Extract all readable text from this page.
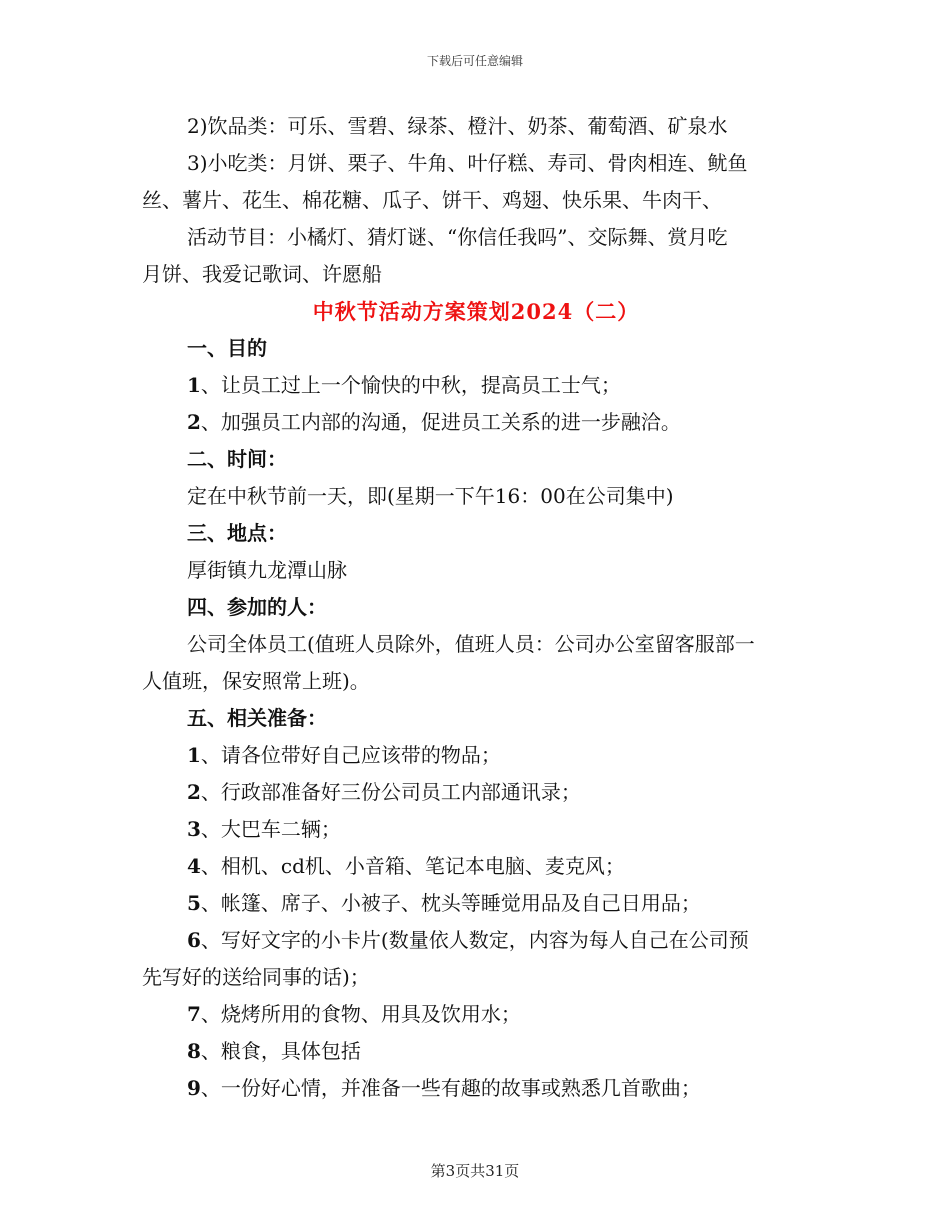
下载后可任意编辑
2)饮品类：可乐、雪碧、绿茶、橙汁、奶茶、葡萄酒、矿泉水
3)小吃类：月饼、栗子、牛角、叶仔糕、寿司、骨肉相连、鱿鱼
丝、薯片、花生、棉花糖、瓜子、饼干、鸡翅、快乐果、牛肉干、
活动节目：小橘灯、猜灯谜、“你信任我吗”、交际舞、赏月吃
月饼、我爱记歌词、许愿船
中秋节活动方案策划2024（二）
一、目的
1、让员工过上一个愉快的中秋，提高员工士气；
2、加强员工内部的沟通，促进员工关系的进一步融洽。
二、时间：
定在中秋节前一天，即(星期一下午16：00在公司集中)
三、地点：
厚街镇九龙潭山脉
四、参加的人：
公司全体员工(值班人员除外，值班人员：公司办公室留客服部一
人值班，保安照常上班)。
五、相关准备：
1、请各位带好自己应该带的物品；
2、行政部准备好三份公司员工内部通讯录；
3、大巴车二辆；
4、相机、cd机、小音箱、笔记本电脑、麦克风；
5、帐篷、席子、小被子、枕头等睡觉用品及自己日用品；
6、写好文字的小卡片(数量依人数定，内容为每人自己在公司预
先写好的送给同事的话)；
7、烧烤所用的食物、用具及饮用水；
8、粮食，具体包括
9、一份好心情，并准备一些有趣的故事或熟悉几首歌曲；
第3页共31页
